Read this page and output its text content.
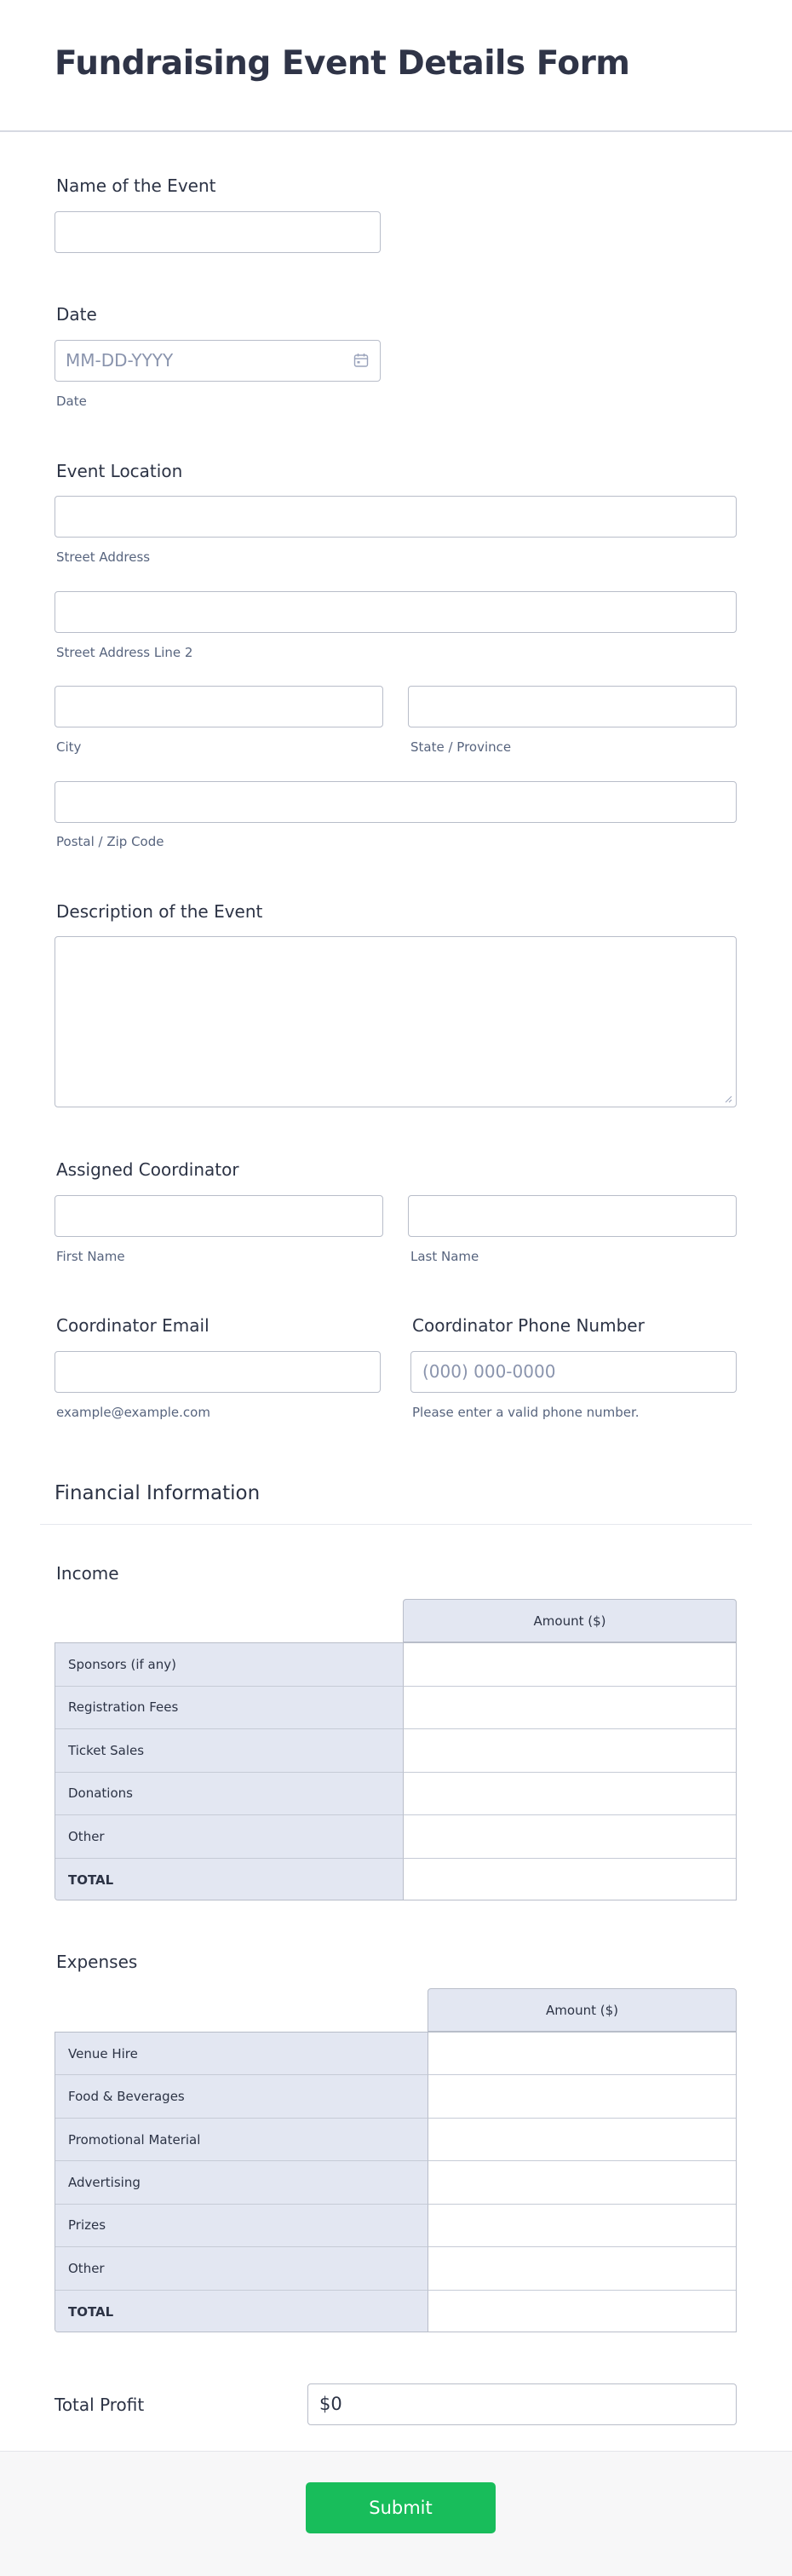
Fundraising Event Details Form
Name of the Event
Date
MM-DD-YYYY
Date
Event Location
Street Address
Street Address Line 2
City	State / Province
Postal / Zip Code
Description of the Event
Assigned Coordinator
First Name	Last Name
Coordinator Email
example@example.com
Coordinator Phone Number
(000) 000-0000
Please enter a valid phone number.
Financial Information
Income
Amount ($)
Sponsors (if any)
Registration Fees
Ticket Sales
Donations
Other
TOTAL
Expenses
Amount ($)
Venue Hire
Food & Beverages
Promotional Material
Advertising
Prizes
Other
TOTAL
Total Profit	$0
Submit
